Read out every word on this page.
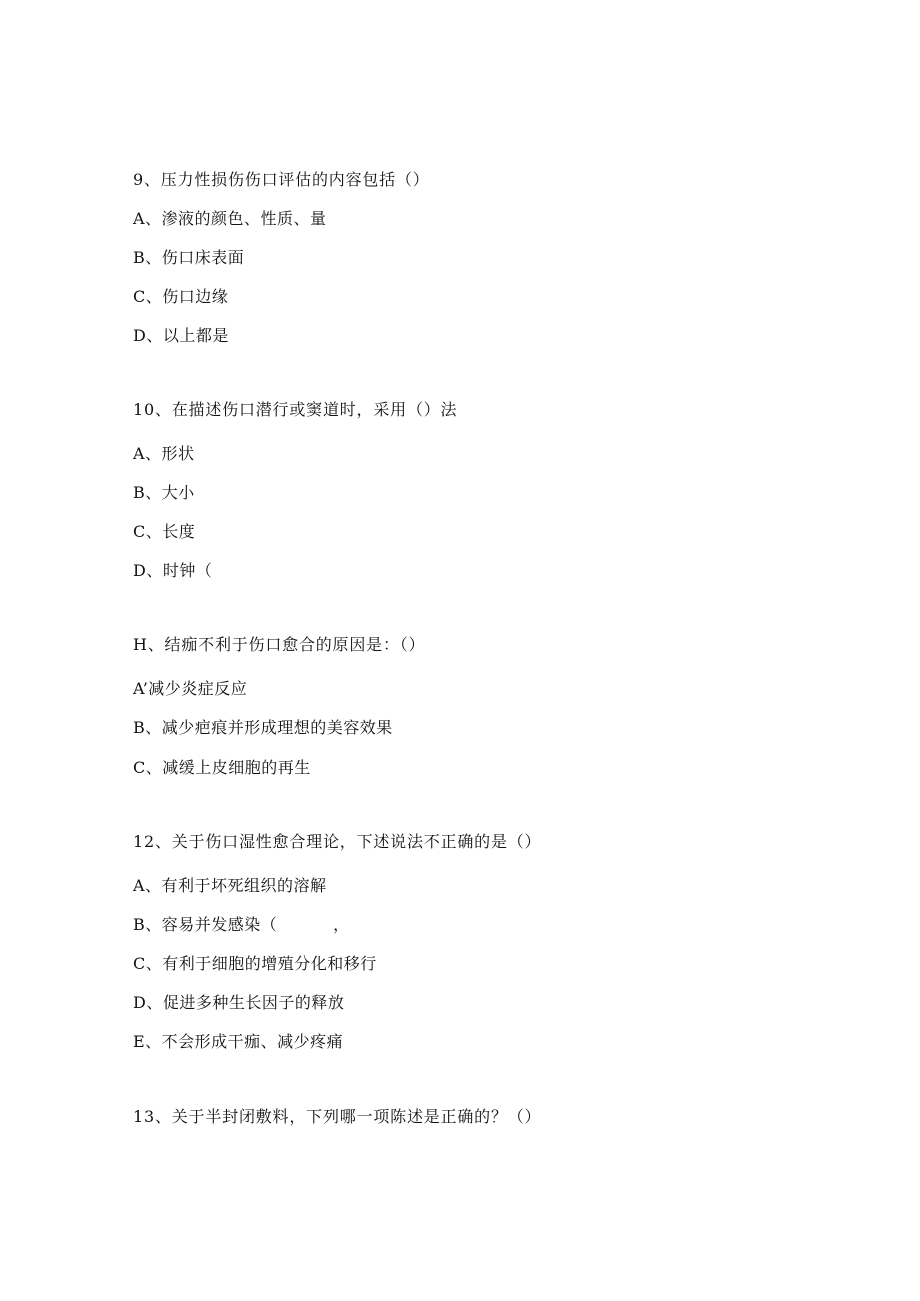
9、压力性损伤伤口评估的内容包括（）
A、渗液的颜色、性质、量
B、伤口床表面
C、伤口边缘
D、以上都是
10、在描述伤口潜行或窦道时，采用（）法
A、形状
B、大小
C、长度
D、时钟（
H、结痂不利于伤口愈合的原因是：（）
A’减少炎症反应
B、减少疤痕并形成理想的美容效果
C、减缓上皮细胞的再生
12、关于伤口湿性愈合理论，下述说法不正确的是（）
A、有利于坏死组织的溶解
B、容易并发感染（          ，
C、有利于细胞的增殖分化和移行
D、促进多种生长因子的释放
E、不会形成干痂、减少疼痛
13、关于半封闭敷料，下列哪一项陈述是正确的？（）
